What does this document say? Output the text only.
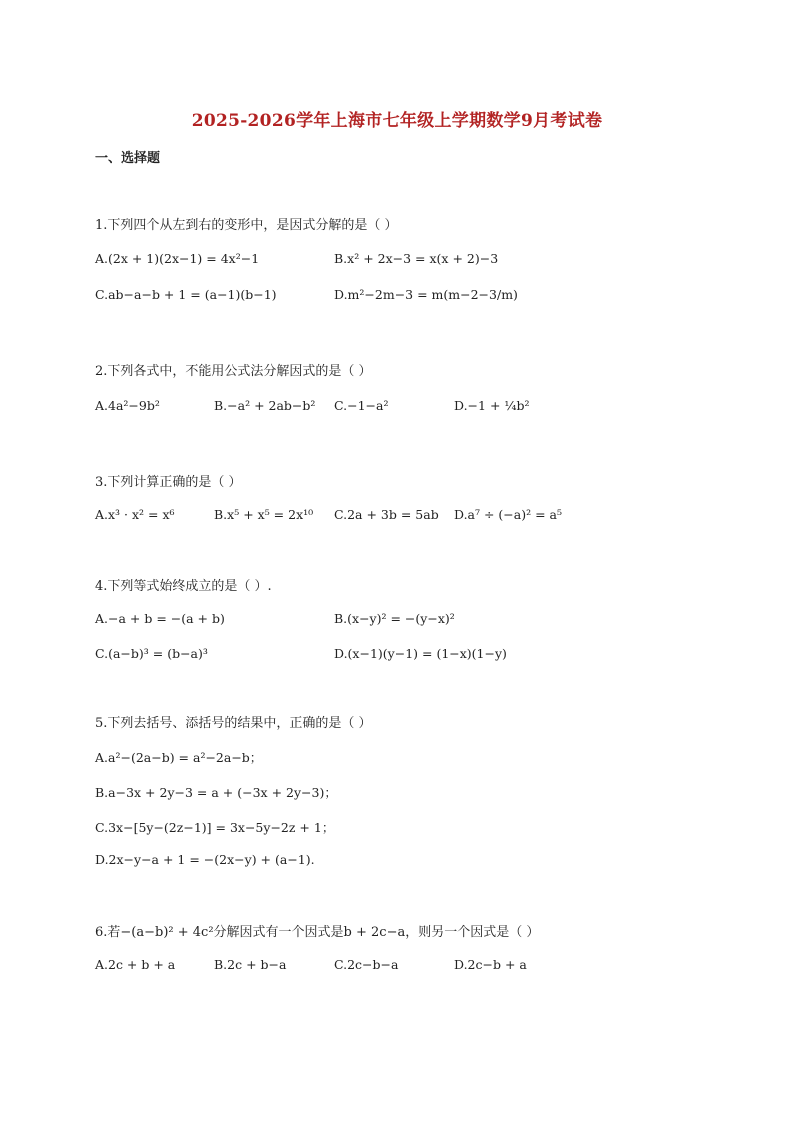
2025-2026学年上海市七年级上学期数学9月考试卷
一、选择题
1.下列四个从左到右的变形中，是因式分解的是（ ）
A.(2x + 1)(2x−1) = 4x²−1	B.x² + 2x−3 = x(x + 2)−3
C.ab−a−b + 1 = (a−1)(b−1)	D.m²−2m−3 = m(m−2−3/m)
2.下列各式中，不能用公式法分解因式的是（ ）
A.4a²−9b²	B.−a² + 2ab−b² C.−1−a²	D.−1 + ¼b²
3.下列计算正确的是（ ）
A.x³ · x² = x⁶	B.x⁵ + x⁵ = 2x¹⁰ C.2a + 3b = 5ab D.a⁷ ÷ (−a)² = a⁵
4.下列等式始终成立的是（ ）.
A.−a + b = −(a + b)	B.(x−y)² = −(y−x)²
C.(a−b)³ = (b−a)³	D.(x−1)(y−1) = (1−x)(1−y)
5.下列去括号、添括号的结果中，正确的是（ ）
A.a²−(2a−b) = a²−2a−b；
B.a−3x + 2y−3 = a + (−3x + 2y−3)；
C.3x−[5y−(2z−1)] = 3x−5y−2z + 1；
D.2x−y−a + 1 = −(2x−y) + (a−1).
6.若−(a−b)² + 4c²分解因式有一个因式是b + 2c−a，则另一个因式是（ ）
A.2c + b + a	B.2c + b−a	C.2c−b−a	D.2c−b + a
